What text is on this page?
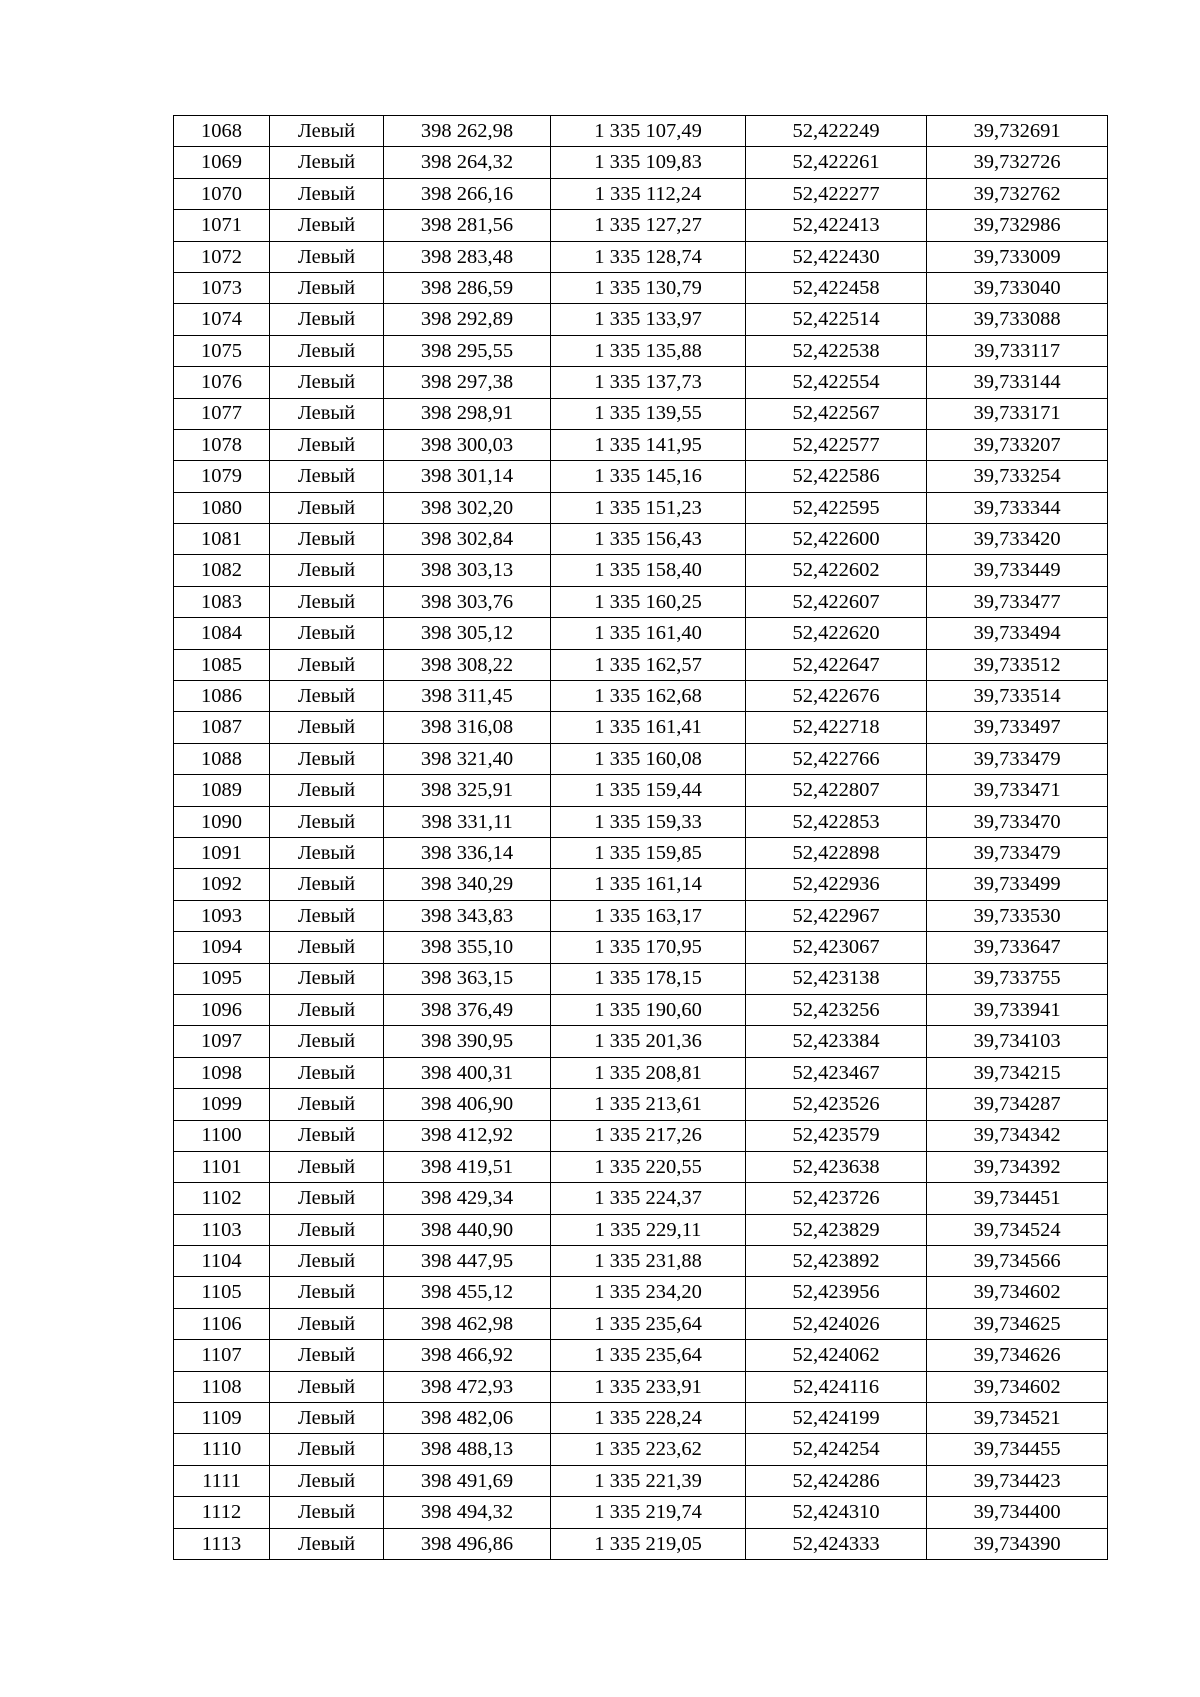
1068	Левый	398 262,98	1 335 107,49	52,422249	39,732691
1069	Левый	398 264,32	1 335 109,83	52,422261	39,732726
1070	Левый	398 266,16	1 335 112,24	52,422277	39,732762
1071	Левый	398 281,56	1 335 127,27	52,422413	39,732986
1072	Левый	398 283,48	1 335 128,74	52,422430	39,733009
1073	Левый	398 286,59	1 335 130,79	52,422458	39,733040
1074	Левый	398 292,89	1 335 133,97	52,422514	39,733088
1075	Левый	398 295,55	1 335 135,88	52,422538	39,733117
1076	Левый	398 297,38	1 335 137,73	52,422554	39,733144
1077	Левый	398 298,91	1 335 139,55	52,422567	39,733171
1078	Левый	398 300,03	1 335 141,95	52,422577	39,733207
1079	Левый	398 301,14	1 335 145,16	52,422586	39,733254
1080	Левый	398 302,20	1 335 151,23	52,422595	39,733344
1081	Левый	398 302,84	1 335 156,43	52,422600	39,733420
1082	Левый	398 303,13	1 335 158,40	52,422602	39,733449
1083	Левый	398 303,76	1 335 160,25	52,422607	39,733477
1084	Левый	398 305,12	1 335 161,40	52,422620	39,733494
1085	Левый	398 308,22	1 335 162,57	52,422647	39,733512
1086	Левый	398 311,45	1 335 162,68	52,422676	39,733514
1087	Левый	398 316,08	1 335 161,41	52,422718	39,733497
1088	Левый	398 321,40	1 335 160,08	52,422766	39,733479
1089	Левый	398 325,91	1 335 159,44	52,422807	39,733471
1090	Левый	398 331,11	1 335 159,33	52,422853	39,733470
1091	Левый	398 336,14	1 335 159,85	52,422898	39,733479
1092	Левый	398 340,29	1 335 161,14	52,422936	39,733499
1093	Левый	398 343,83	1 335 163,17	52,422967	39,733530
1094	Левый	398 355,10	1 335 170,95	52,423067	39,733647
1095	Левый	398 363,15	1 335 178,15	52,423138	39,733755
1096	Левый	398 376,49	1 335 190,60	52,423256	39,733941
1097	Левый	398 390,95	1 335 201,36	52,423384	39,734103
1098	Левый	398 400,31	1 335 208,81	52,423467	39,734215
1099	Левый	398 406,90	1 335 213,61	52,423526	39,734287
1100	Левый	398 412,92	1 335 217,26	52,423579	39,734342
1101	Левый	398 419,51	1 335 220,55	52,423638	39,734392
1102	Левый	398 429,34	1 335 224,37	52,423726	39,734451
1103	Левый	398 440,90	1 335 229,11	52,423829	39,734524
1104	Левый	398 447,95	1 335 231,88	52,423892	39,734566
1105	Левый	398 455,12	1 335 234,20	52,423956	39,734602
1106	Левый	398 462,98	1 335 235,64	52,424026	39,734625
1107	Левый	398 466,92	1 335 235,64	52,424062	39,734626
1108	Левый	398 472,93	1 335 233,91	52,424116	39,734602
1109	Левый	398 482,06	1 335 228,24	52,424199	39,734521
1110	Левый	398 488,13	1 335 223,62	52,424254	39,734455
1111	Левый	398 491,69	1 335 221,39	52,424286	39,734423
1112	Левый	398 494,32	1 335 219,74	52,424310	39,734400
1113	Левый	398 496,86	1 335 219,05	52,424333	39,734390
